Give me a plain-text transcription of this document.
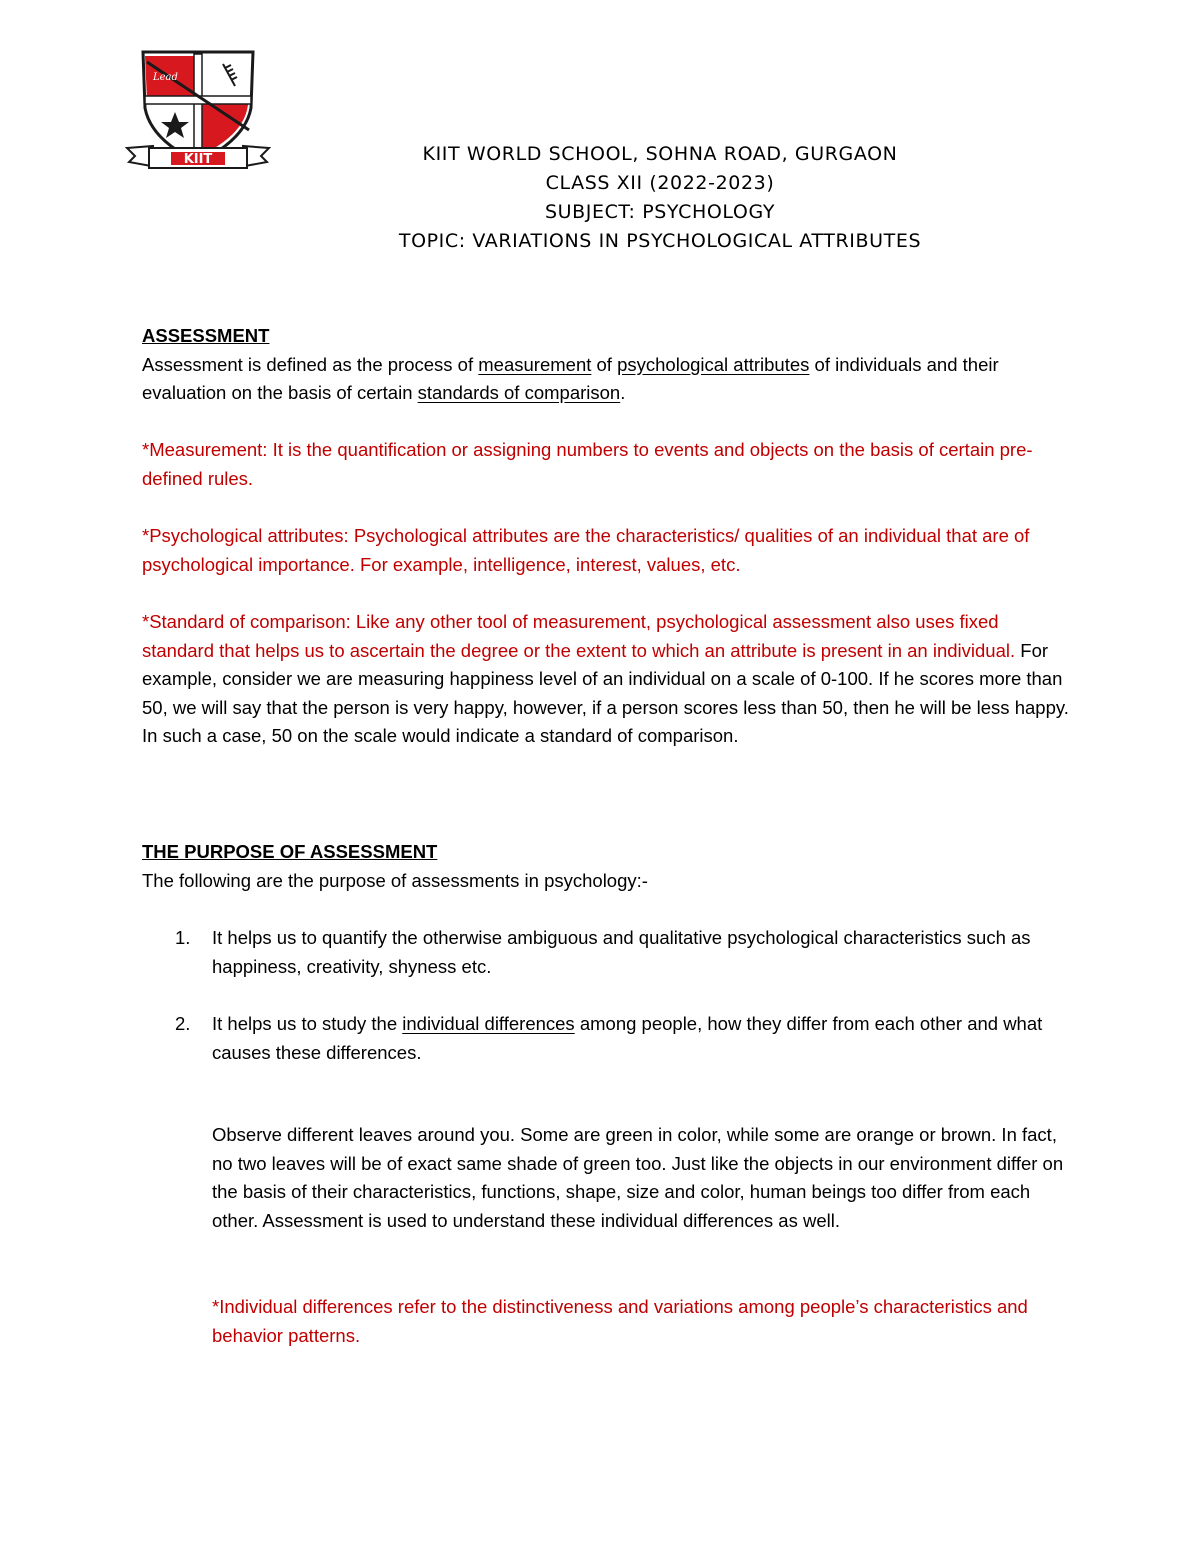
Lead
KIIT	KIIT WORLD SCHOOL, SOHNA ROAD, GURGAON
CLASS XII (2022-2023)
SUBJECT: PSYCHOLOGY
TOPIC: VARIATIONS IN PSYCHOLOGICAL ATTRIBUTES

ASSESSMENT

Assessment is defined as the process of measurement of psychological attributes of individuals and their evaluation on the basis of certain standards of comparison.

*Measurement: It is the quantification or assigning numbers to events and objects on the basis of certain pre-defined rules.
*Psychological attributes: Psychological attributes are the characteristics/ qualities of an individual that are of psychological importance. For example, intelligence, interest, values, etc.
*Standard of comparison: Like any other tool of measurement, psychological assessment also uses fixed standard that helps us to ascertain the degree or the extent to which an attribute is present in an individual. For example, consider we are measuring happiness level of an individual on a scale of 0-100. If he scores more than 50, we will say that the person is very happy, however, if a person scores less than 50, then he will be less happy. In such a case, 50 on the scale would indicate a standard of comparison.

THE PURPOSE OF ASSESSMENT

The following are the purpose of assessments in psychology:-

1.	It helps us to quantify the otherwise ambiguous and qualitative psychological characteristics such as happiness, creativity, shyness etc.
2.	It helps us to study the individual differences among people, how they differ from each other and what causes these differences.
Observe different leaves around you. Some are green in color, while some are orange or brown. In fact, no two leaves will be of exact same shade of green too. Just like the objects in our environment differ on the basis of their characteristics, functions, shape, size and color, human beings too differ from each other. Assessment is used to understand these individual differences as well.
*Individual differences refer to the distinctiveness and variations among people’s characteristics and behavior patterns.
